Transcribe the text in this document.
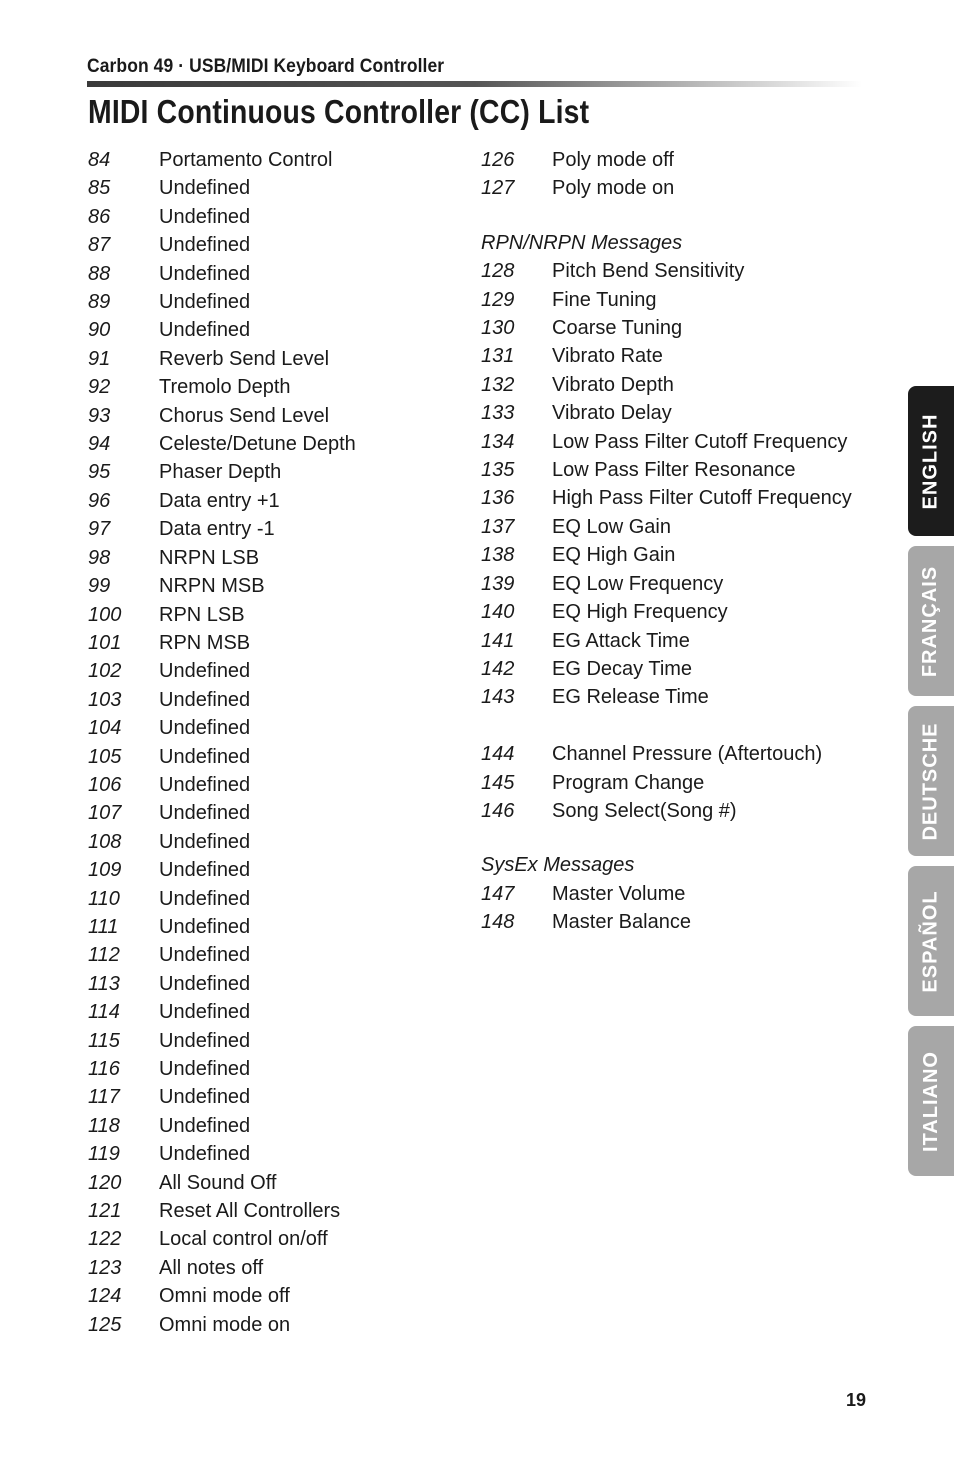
Carbon 49 · USB/MIDI Keyboard Controller
MIDI Continuous Controller (CC) List
84 Portamento Control
85 Undefined
86 Undefined
87 Undefined
88 Undefined
89 Undefined
90 Undefined
91 Reverb Send Level
92 Tremolo Depth
93 Chorus Send Level
94 Celeste/Detune Depth
95 Phaser Depth
96 Data entry +1
97 Data entry -1
98 NRPN LSB
99 NRPN MSB
100 RPN LSB
101 RPN MSB
102 Undefined
103 Undefined
104 Undefined
105 Undefined
106 Undefined
107 Undefined
108 Undefined
109 Undefined
110 Undefined
111 Undefined
112 Undefined
113 Undefined
114 Undefined
115 Undefined
116 Undefined
117 Undefined
118 Undefined
119 Undefined
120 All Sound Off
121 Reset All Controllers
122 Local control on/off
123 All notes off
124 Omni mode off
125 Omni mode on
126 Poly mode off
127 Poly mode on
RPN/NRPN Messages
128 Pitch Bend Sensitivity
129 Fine Tuning
130 Coarse Tuning
131 Vibrato Rate
132 Vibrato Depth
133 Vibrato Delay
134 Low Pass Filter Cutoff Frequency
135 Low Pass Filter Resonance
136 High Pass Filter Cutoff Frequency
137 EQ Low Gain
138 EQ High Gain
139 EQ Low Frequency
140 EQ High Frequency
141 EG Attack Time
142 EG Decay Time
143 EG Release Time
144 Channel Pressure (Aftertouch)
145 Program Change
146 Song Select(Song #)
SysEx Messages
147 Master Volume
148 Master Balance
ENGLISH
FRANÇAIS
DEUTSCHE
ESPAÑOL
ITALIANO
19
